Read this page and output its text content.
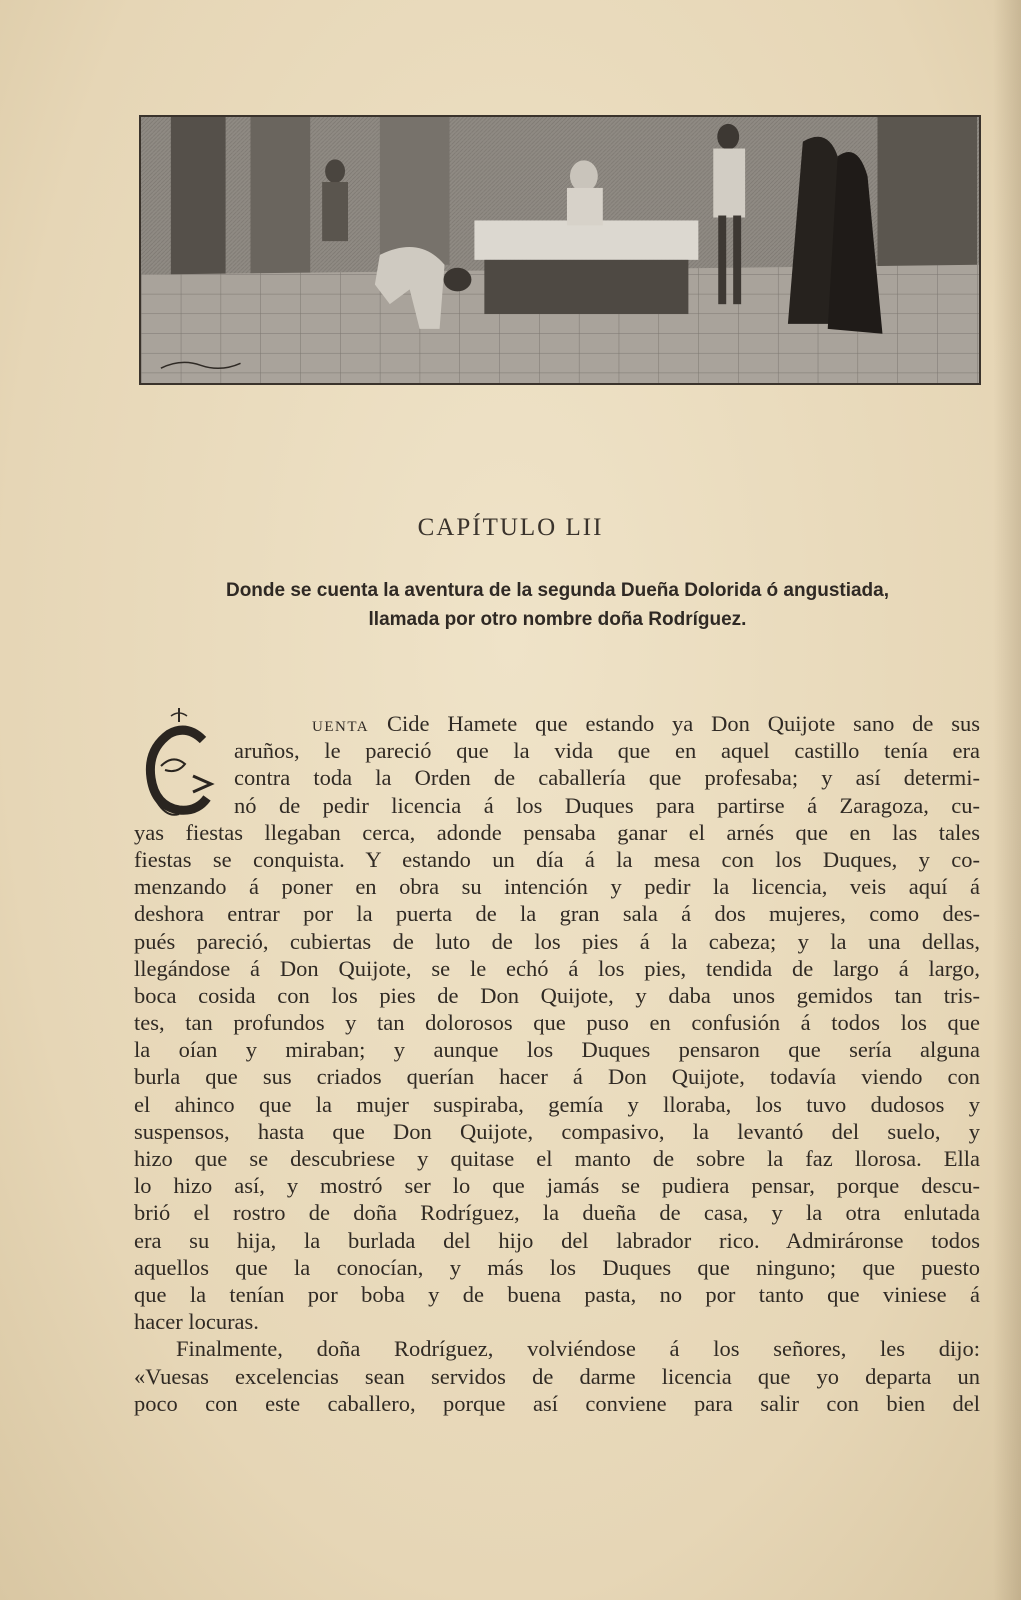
CAPÍTULO LII
Donde se cuenta la aventura de la segunda Dueña Dolorida ó angustiada,
llamada por otro nombre doña Rodríguez.
UENTA Cide Hamete que estando ya Don Quijote sano de sus
aruños, le pareció que la vida que en aquel castillo tenía era
contra toda la Orden de caballería que profesaba; y así determi-
nó de pedir licencia á los Duques para partirse á Zaragoza, cu-
yas fiestas llegaban cerca, adonde pensaba ganar el arnés que en las tales
fiestas se conquista. Y estando un día á la mesa con los Duques, y co-
menzando á poner en obra su intención y pedir la licencia, veis aquí á
deshora entrar por la puerta de la gran sala á dos mujeres, como des-
pués pareció, cubiertas de luto de los pies á la cabeza; y la una dellas,
llegándose á Don Quijote, se le echó á los pies, tendida de largo á largo,
boca cosida con los pies de Don Quijote, y daba unos gemidos tan tris-
tes, tan profundos y tan dolorosos que puso en confusión á todos los que
la oían y miraban; y aunque los Duques pensaron que sería alguna
burla que sus criados querían hacer á Don Quijote, todavía viendo con
el ahinco que la mujer suspiraba, gemía y lloraba, los tuvo dudosos y
suspensos, hasta que Don Quijote, compasivo, la levantó del suelo, y
hizo que se descubriese y quitase el manto de sobre la faz llorosa. Ella
lo hizo así, y mostró ser lo que jamás se pudiera pensar, porque descu-
brió el rostro de doña Rodríguez, la dueña de casa, y la otra enlutada
era su hija, la burlada del hijo del labrador rico. Admiráronse todos
aquellos que la conocían, y más los Duques que ninguno; que puesto
que la tenían por boba y de buena pasta, no por tanto que viniese á
hacer locuras.
Finalmente, doña Rodríguez, volviéndose á los señores, les dijo:
«Vuesas excelencias sean servidos de darme licencia que yo departa un
poco con este caballero, porque así conviene para salir con bien del
